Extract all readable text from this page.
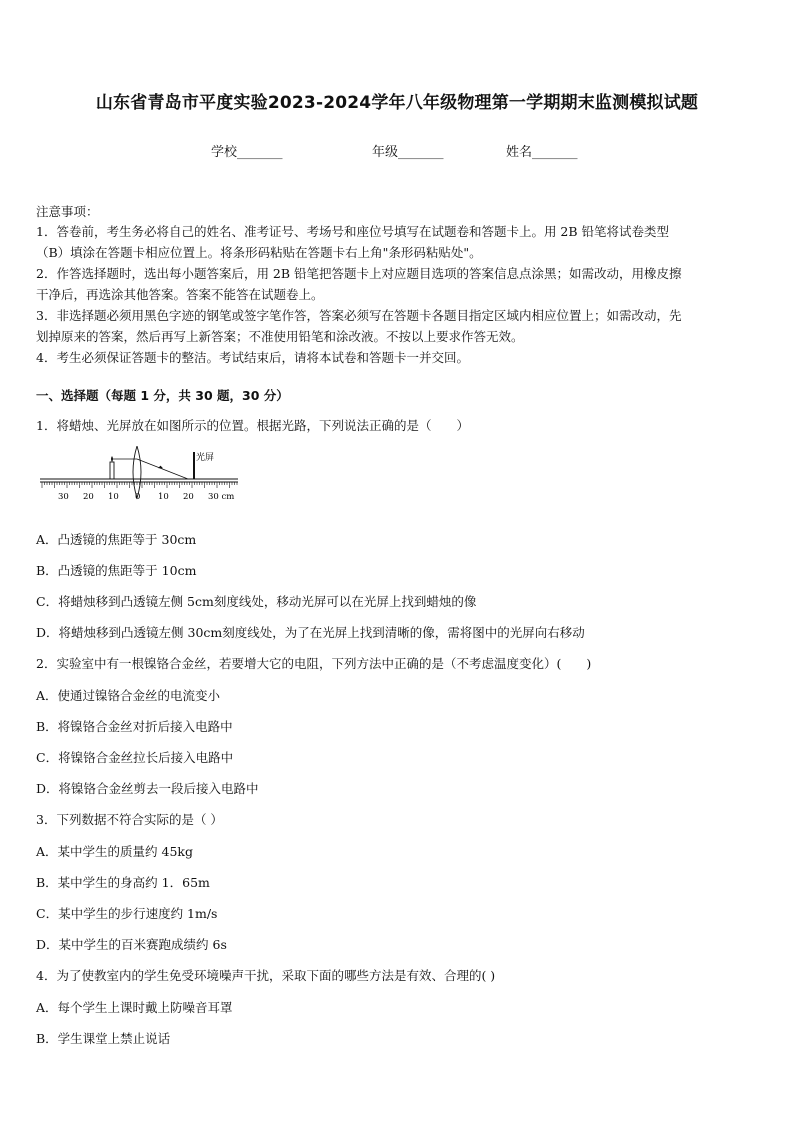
山东省青岛市平度实验2023-2024学年八年级物理第一学期期末监测模拟试题
学校_______	年级_______	姓名_______
注意事项：
1．答卷前，考生务必将自己的姓名、准考证号、考场号和座位号填写在试题卷和答题卡上。用 2B 铅笔将试卷类型
（B）填涂在答题卡相应位置上。将条形码粘贴在答题卡右上角"条形码粘贴处"。
2．作答选择题时，选出每小题答案后，用 2B 铅笔把答题卡上对应题目选项的答案信息点涂黑；如需改动，用橡皮擦
干净后，再选涂其他答案。答案不能答在试题卷上。
3．非选择题必须用黑色字迹的钢笔或签字笔作答，答案必须写在答题卡各题目指定区域内相应位置上；如需改动，先
划掉原来的答案，然后再写上新答案；不准使用铅笔和涂改液。不按以上要求作答无效。
4．考生必须保证答题卡的整洁。考试结束后，请将本试卷和答题卡一并交回。
一、选择题（每题 1 分，共 30 题，30 分）
1．将蜡烛、光屏放在如图所示的位置。根据光路，下列说法正确的是（　　）
光屏
30 20 10 0 10 20 30 cm
A．凸透镜的焦距等于 30cm
B．凸透镜的焦距等于 10cm
C．将蜡烛移到凸透镜左侧 5cm刻度线处，移动光屏可以在光屏上找到蜡烛的像
D．将蜡烛移到凸透镜左侧 30cm刻度线处，为了在光屏上找到清晰的像，需将图中的光屏向右移动
2．实验室中有一根镍铬合金丝，若要增大它的电阻，下列方法中正确的是（不考虑温度变化）(　　)
A．使通过镍铬合金丝的电流变小
B．将镍铬合金丝对折后接入电路中
C．将镍铬合金丝拉长后接入电路中
D．将镍铬合金丝剪去一段后接入电路中
3．下列数据不符合实际的是（ ）
A．某中学生的质量约 45kg
B．某中学生的身高约 1．65m
C．某中学生的步行速度约 1m/s
D．某中学生的百米赛跑成绩约 6s
4．为了使教室内的学生免受环境噪声干扰，采取下面的哪些方法是有效、合理的( )
A．每个学生上课时戴上防噪音耳罩
B．学生课堂上禁止说话
